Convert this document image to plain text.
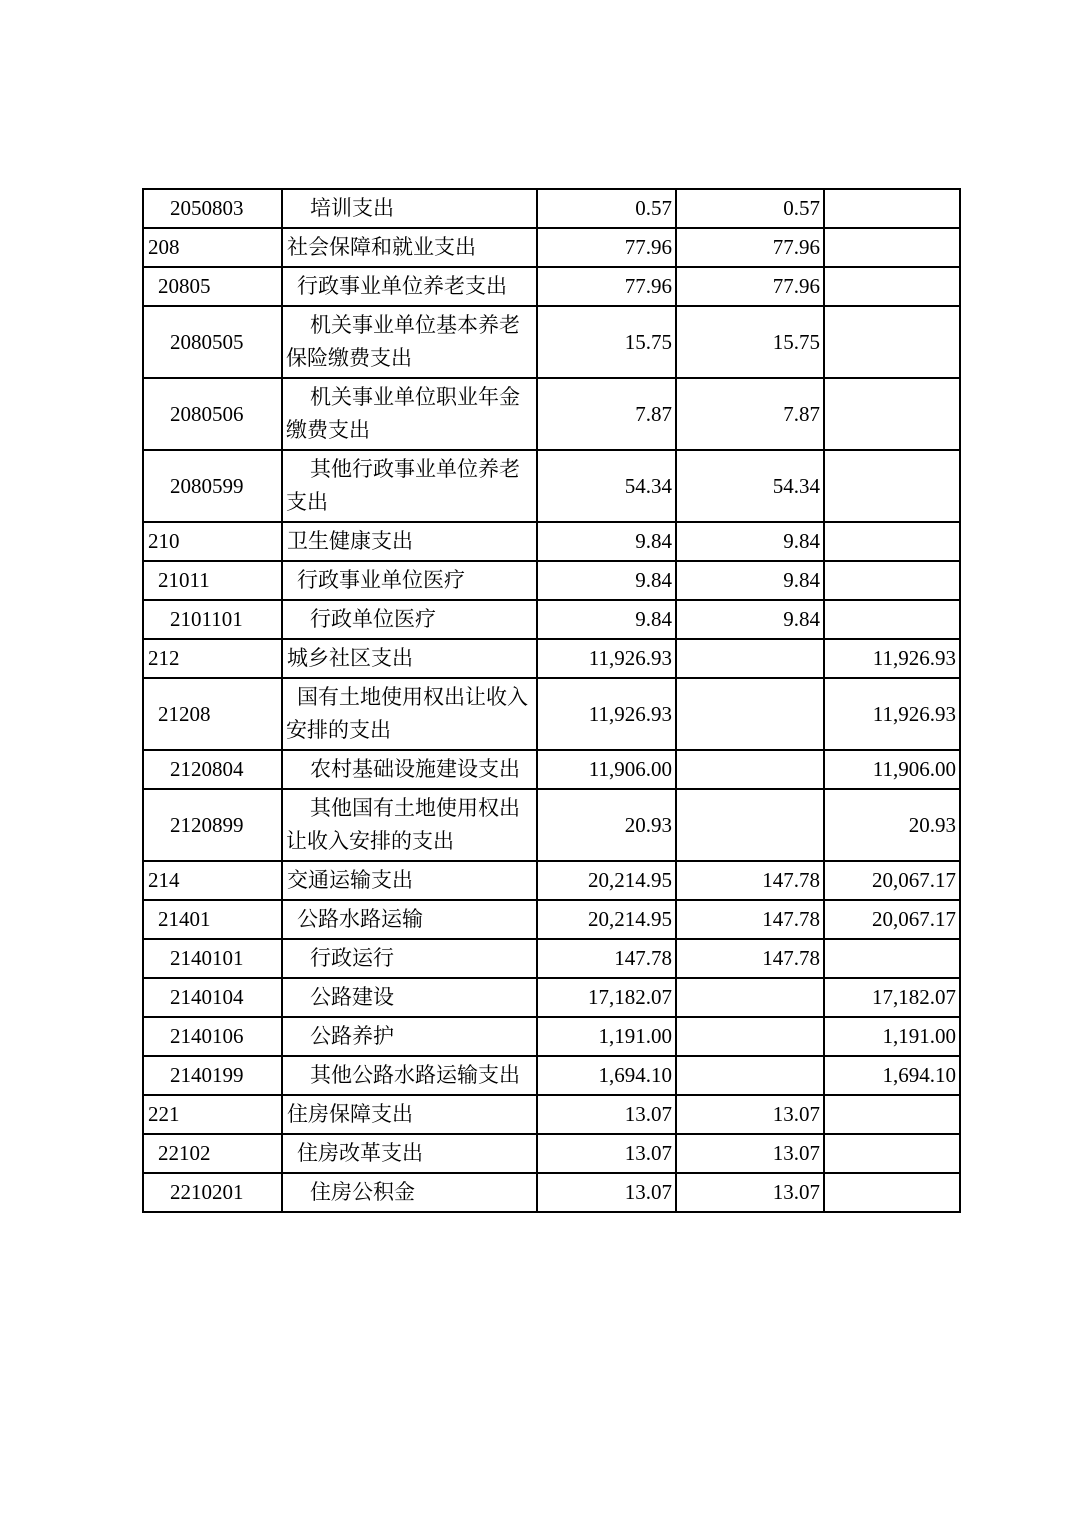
2050803	培训支出	0.57	0.57	
208	社会保障和就业支出	77.96	77.96	
20805	行政事业单位养老支出	77.96	77.96	
2080505	机关事业单位基本养老保险缴费支出	15.75	15.75	
2080506	机关事业单位职业年金缴费支出	7.87	7.87	
2080599	其他行政事业单位养老支出	54.34	54.34	
210	卫生健康支出	9.84	9.84	
21011	行政事业单位医疗	9.84	9.84	
2101101	行政单位医疗	9.84	9.84	
212	城乡社区支出	11,926.93		11,926.93
21208	国有土地使用权出让收入安排的支出	11,926.93		11,926.93
2120804	农村基础设施建设支出	11,906.00		11,906.00
2120899	其他国有土地使用权出让收入安排的支出	20.93		20.93
214	交通运输支出	20,214.95	147.78	20,067.17
21401	公路水路运输	20,214.95	147.78	20,067.17
2140101	行政运行	147.78	147.78	
2140104	公路建设	17,182.07		17,182.07
2140106	公路养护	1,191.00		1,191.00
2140199	其他公路水路运输支出	1,694.10		1,694.10
221	住房保障支出	13.07	13.07	
22102	住房改革支出	13.07	13.07	
2210201	住房公积金	13.07	13.07	
